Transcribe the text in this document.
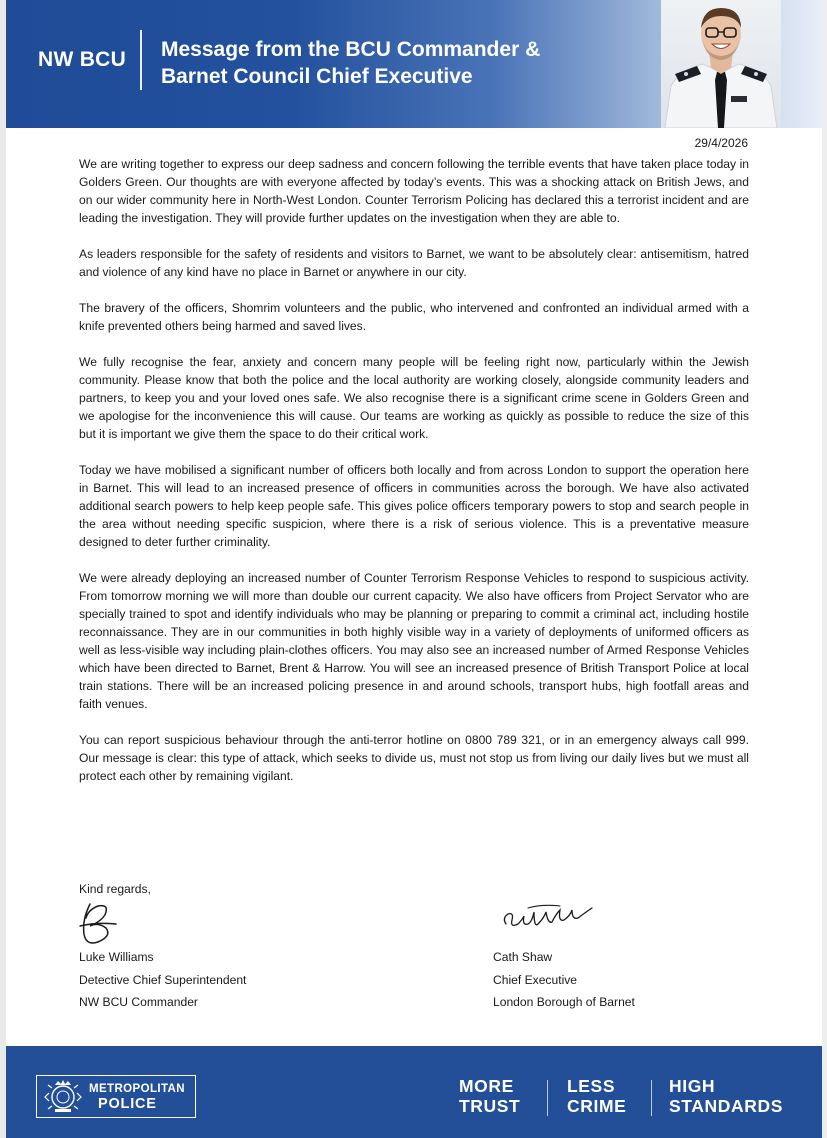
NW BCU Message from the BCU Commander &
Barnet Council Chief Executive
29/4/2026

We are writing together to express our deep sadness and concern following the terrible events that have taken place today in Golders Green. Our thoughts are with everyone affected by today’s events. This was a shocking attack on British Jews, and on our wider community here in North-West London. Counter Terrorism Policing has declared this a terrorist incident and are leading the investigation. They will provide further updates on the investigation when they are able to.

As leaders responsible for the safety of residents and visitors to Barnet, we want to be absolutely clear: antisemitism, hatred and violence of any kind have no place in Barnet or anywhere in our city.

The bravery of the officers, Shomrim volunteers and the public, who intervened and confronted an individual armed with a knife prevented others being harmed and saved lives.

We fully recognise the fear, anxiety and concern many people will be feeling right now, particularly within the Jewish community. Please know that both the police and the local authority are working closely, alongside community leaders and partners, to keep you and your loved ones safe. We also recognise there is a significant crime scene in Golders Green and we apologise for the inconvenience this will cause. Our teams are working as quickly as possible to reduce the size of this but it is important we give them the space to do their critical work.

Today we have mobilised a significant number of officers both locally and from across London to support the operation here in Barnet. This will lead to an increased presence of officers in communities across the borough. We have also activated additional search powers to help keep people safe. This gives police officers temporary powers to stop and search people in the area without needing specific suspicion, where there is a risk of serious violence. This is a preventative measure designed to deter further criminality.

We were already deploying an increased number of Counter Terrorism Response Vehicles to respond to suspicious activity. From tomorrow morning we will more than double our current capacity. We also have officers from Project Servator who are specially trained to spot and identify individuals who may be planning or preparing to commit a criminal act, including hostile reconnaissance. They are in our communities in both highly visible way in a variety of deployments of uniformed officers as well as less-visible way including plain-clothes officers. You may also see an increased number of Armed Response Vehicles which have been directed to Barnet, Brent & Harrow. You will see an increased presence of British Transport Police at local train stations. There will be an increased policing presence in and around schools, transport hubs, high footfall areas and faith venues.

You can report suspicious behaviour through the anti-terror hotline on 0800 789 321, or in an emergency always call 999. Our message is clear: this type of attack, which seeks to divide us, must not stop us from living our daily lives but we must all protect each other by remaining vigilant.

Kind regards,
Luke Williams
Detective Chief Superintendent
NW BCU Commander
Cath Shaw
Chief Executive
London Borough of Barnet
METROPOLITAN
POLICE
MORE
TRUST
LESS
CRIME
HIGH
STANDARDS
